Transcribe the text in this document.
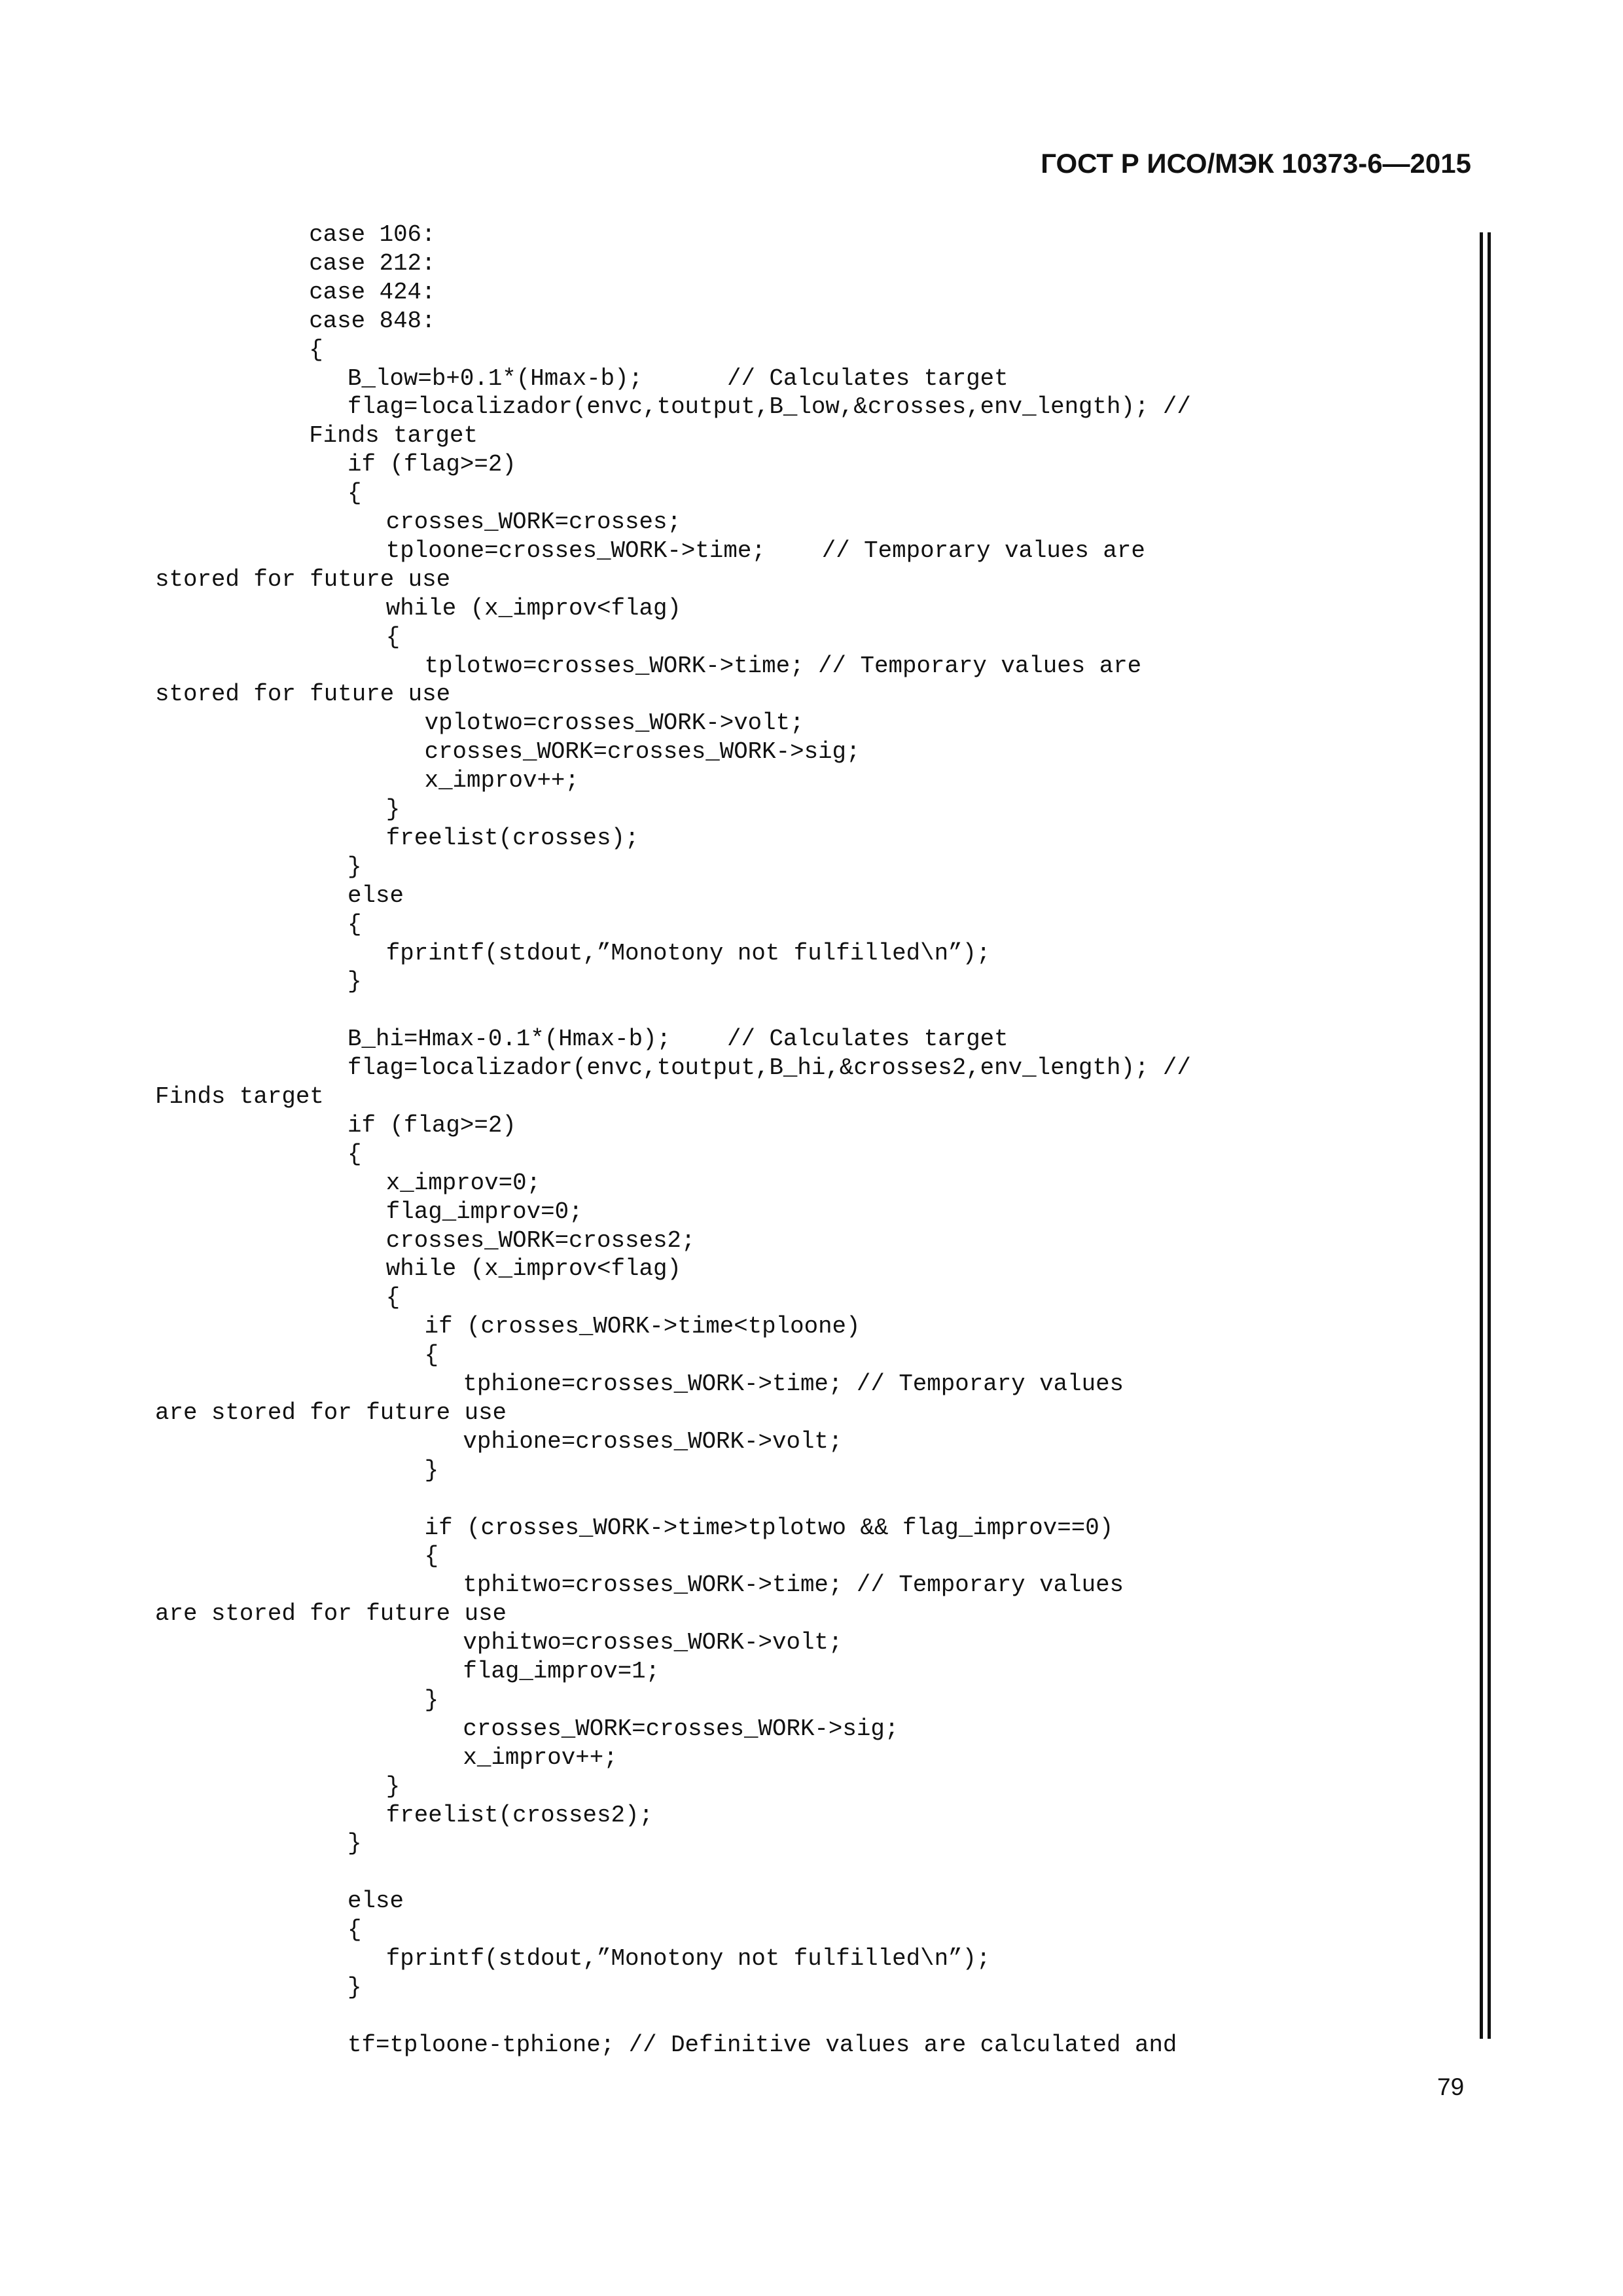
ГОСТ Р ИСО/МЭК 10373-6—2015
case 106:
case 212:
case 424:
case 848:
{
B_low=b+0.1*(Hmax-b);      // Calculates target
flag=localizador(envc,toutput,B_low,&crosses,env_length); //
Finds target
if (flag>=2)
{
crosses_WORK=crosses;
tploone=crosses_WORK->time;    // Temporary values are
stored for future use
while (x_improv<flag)
{
tplotwo=crosses_WORK->time; // Temporary values are
stored for future use
vplotwo=crosses_WORK->volt;
crosses_WORK=crosses_WORK->sig;
x_improv++;
}
freelist(crosses);
}
else
{
fprintf(stdout,”Monotony not fulfilled\n”);
}
B_hi=Hmax-0.1*(Hmax-b);    // Calculates target
flag=localizador(envc,toutput,B_hi,&crosses2,env_length); //
Finds target
if (flag>=2)
{
x_improv=0;
flag_improv=0;
crosses_WORK=crosses2;
while (x_improv<flag)
{
if (crosses_WORK->time<tploone)
{
tphione=crosses_WORK->time; // Temporary values
are stored for future use
vphione=crosses_WORK->volt;
}
if (crosses_WORK->time>tplotwo && flag_improv==0)
{
tphitwo=crosses_WORK->time; // Temporary values
are stored for future use
vphitwo=crosses_WORK->volt;
flag_improv=1;
}
crosses_WORK=crosses_WORK->sig;
x_improv++;
}
freelist(crosses2);
}
else
{
fprintf(stdout,”Monotony not fulfilled\n”);
}
tf=tploone-tphione; // Definitive values are calculated and
79
